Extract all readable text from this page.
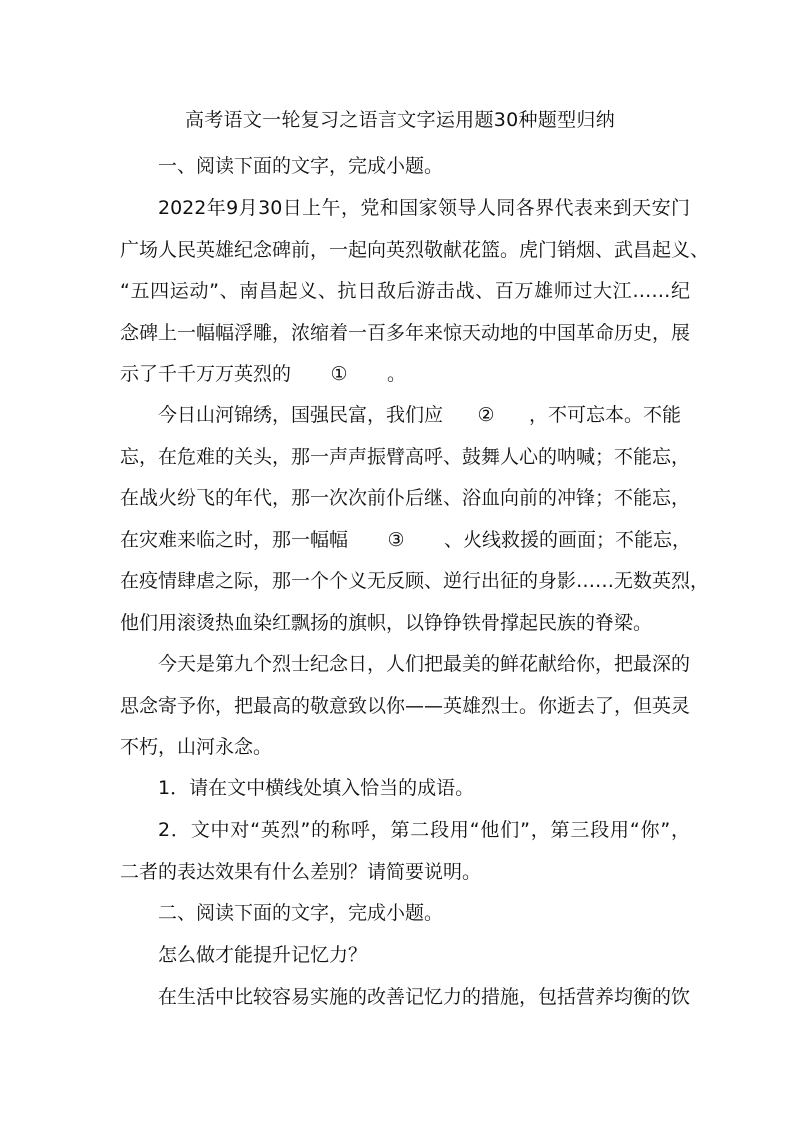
高考语文一轮复习之语言文字运用题30种题型归纳
一、阅读下面的文字，完成小题。
2022年9月30日上午，党和国家领导人同各界代表来到天安门
广场人民英雄纪念碑前，一起向英烈敬献花篮。虎门销烟、武昌起义、
“五四运动”、南昌起义、抗日敌后游击战、百万雄师过大江……纪
念碑上一幅幅浮雕，浓缩着一百多年来惊天动地的中国革命历史，展
示了千千万万英烈的 ① 。
今日山河锦绣，国强民富，我们应 ② ，不可忘本。不能
忘，在危难的关头，那一声声振臂高呼、鼓舞人心的呐喊；不能忘，
在战火纷飞的年代，那一次次前仆后继、浴血向前的冲锋；不能忘，
在灾难来临之时，那一幅幅 ③ 、火线救援的画面；不能忘，
在疫情肆虐之际，那一个个义无反顾、逆行出征的身影……无数英烈，
他们用滚烫热血染红飘扬的旗帜，以铮铮铁骨撑起民族的脊梁。
今天是第九个烈士纪念日，人们把最美的鲜花献给你，把最深的
思念寄予你，把最高的敬意致以你——英雄烈士。你逝去了，但英灵
不朽，山河永念。
1．请在文中横线处填入恰当的成语。
2．文中对“英烈”的称呼，第二段用“他们”，第三段用“你”，
二者的表达效果有什么差别？请简要说明。
二、阅读下面的文字，完成小题。
怎么做才能提升记忆力？
在生活中比较容易实施的改善记忆力的措施，包括营养均衡的饮
